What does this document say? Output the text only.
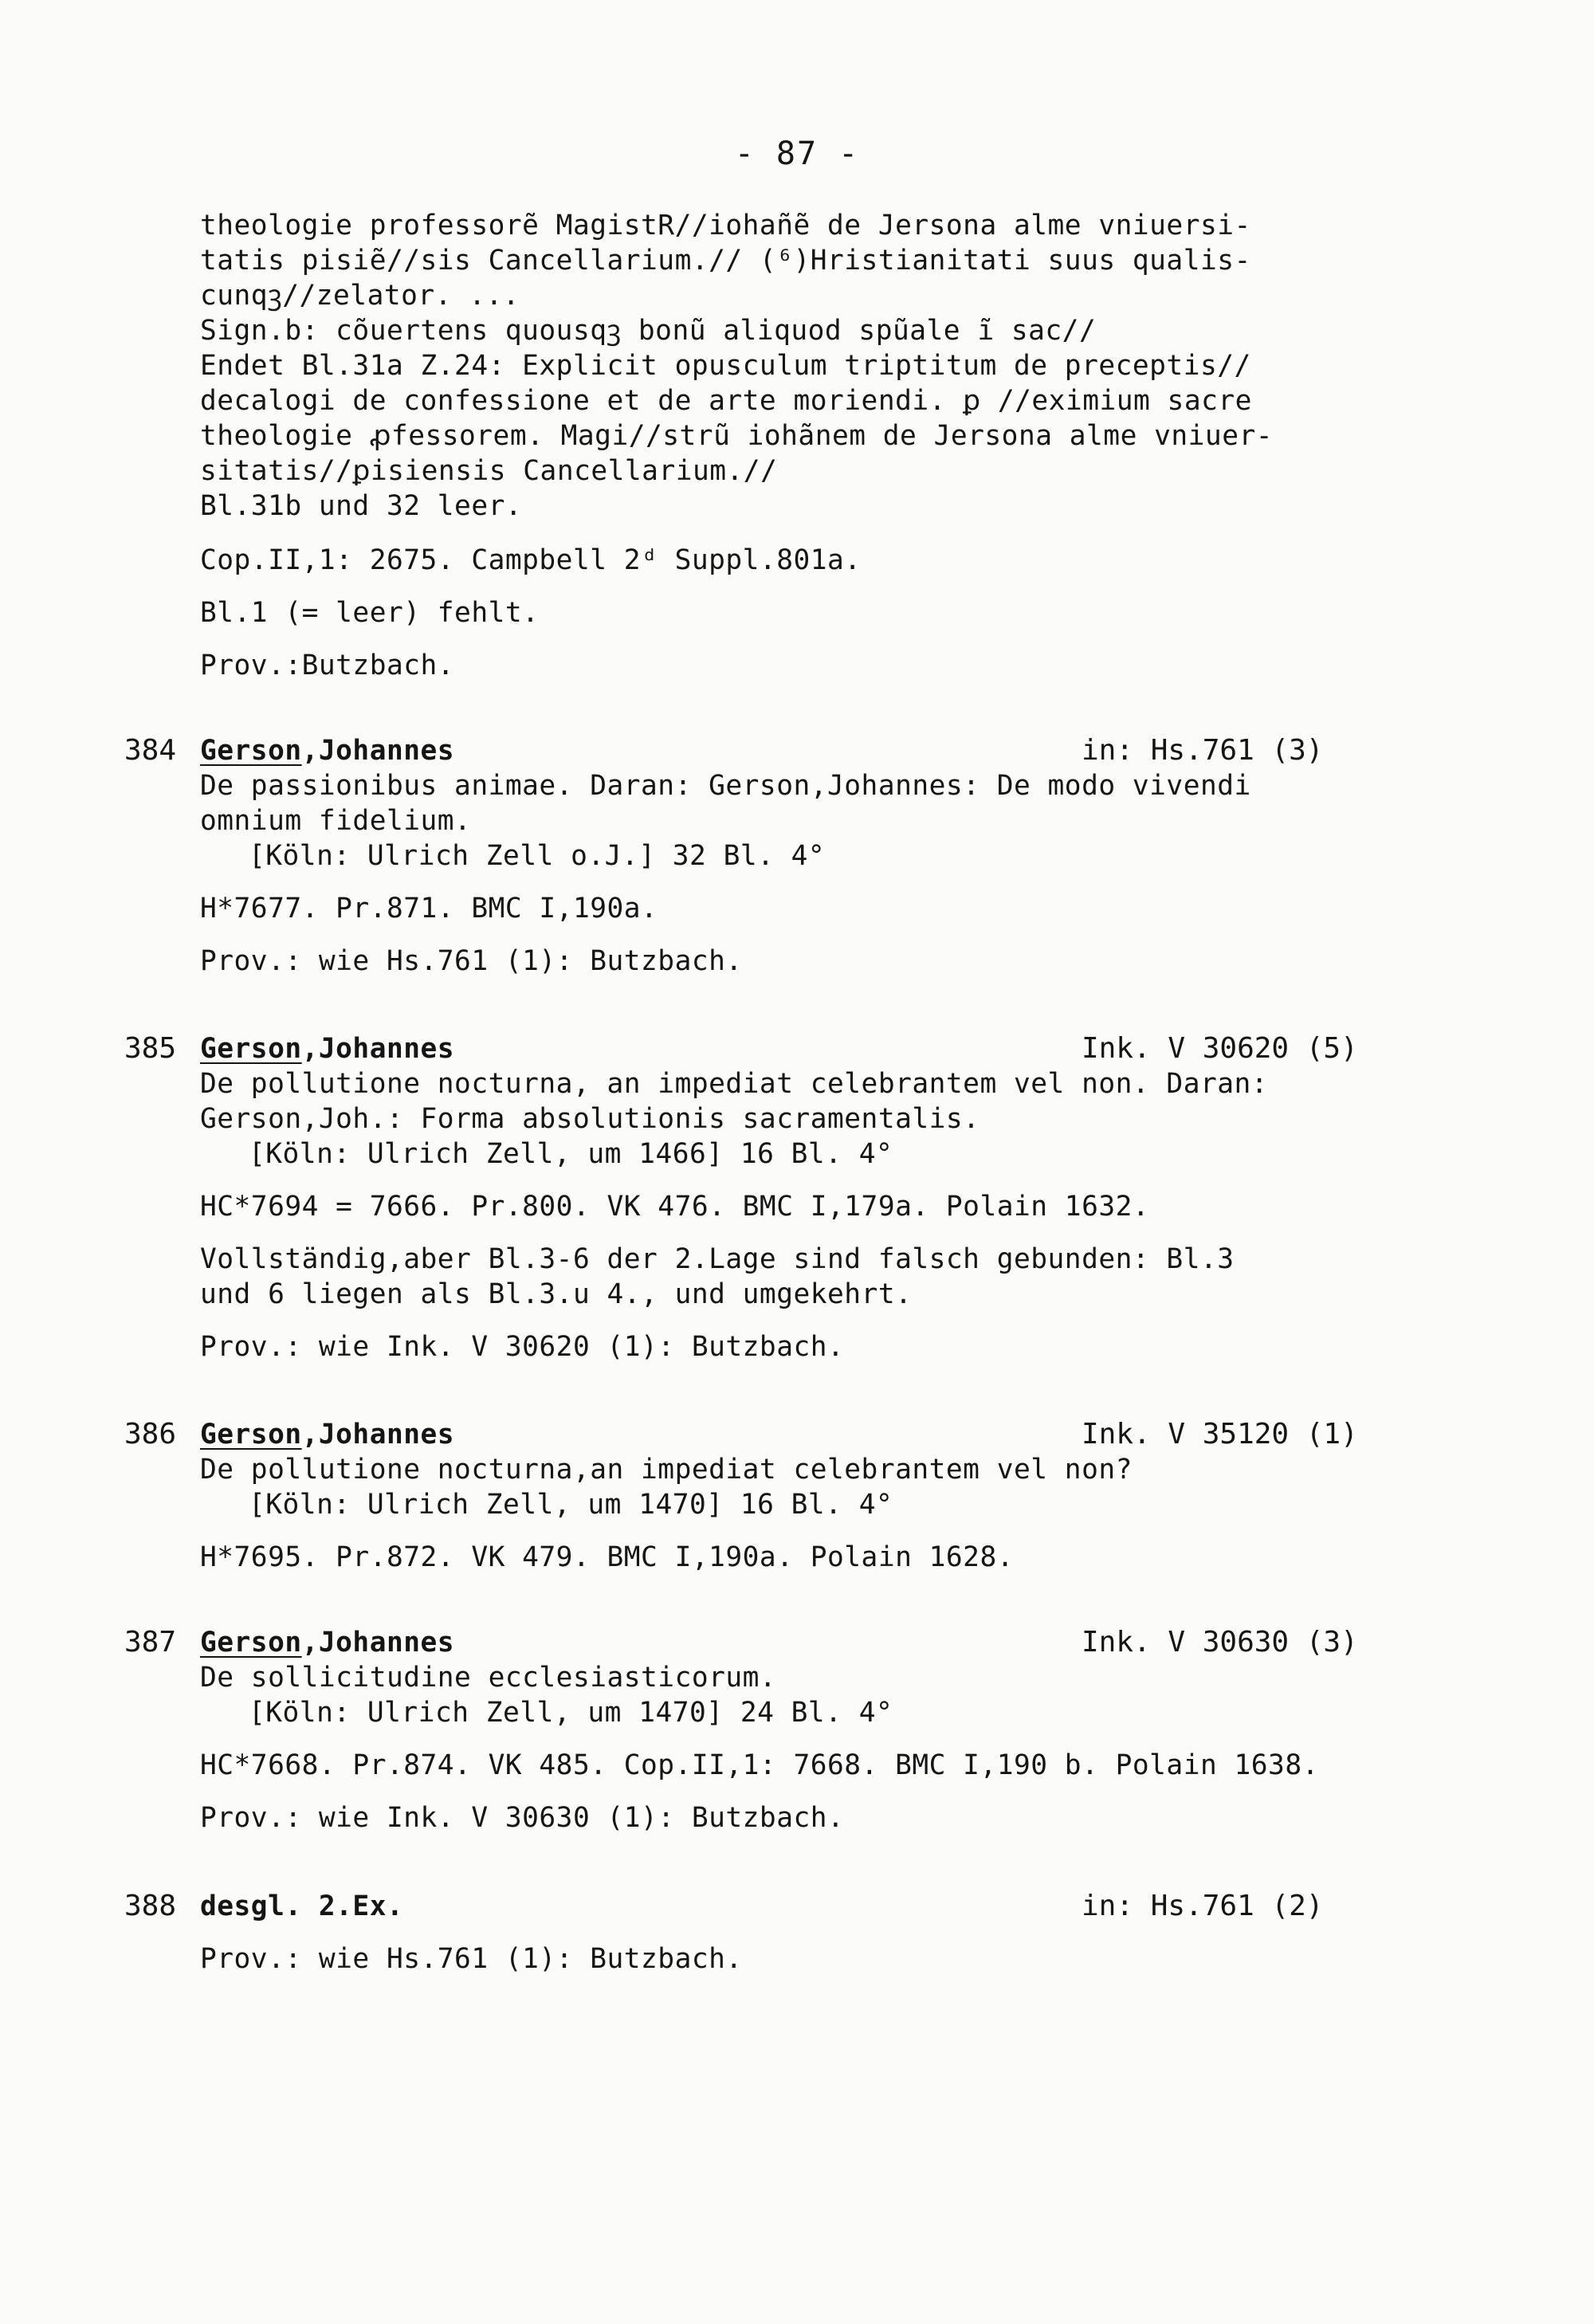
- 87 -
theologie professorẽ MagistR//iohañẽ de Jersona alme vniuersi-
tatis pisiẽ//sis Cancellarium.// (⁶)Hristianitati suus qualis-
cunqꝫ//zelator. ...
Sign.b: cõuertens quousqꝫ bonũ aliquod spũale ĩ sac//
Endet Bl.31a Z.24: Explicit opusculum triptitum de preceptis//
decalogi de confessione et de arte moriendi. ꝑ //eximium sacre
theologie ꝓfessorem. Magi//strũ iohãnem de Jersona alme vniuer-
sitatis//ꝑisiensis Cancellarium.//
Bl.31b und 32 leer.
Cop.II,1: 2675. Campbell 2ᵈ Suppl.801a.
Bl.1 (= leer) fehlt.
Prov.:Butzbach.
384 Gerson,Johannes	in: Hs.761 (3)
De passionibus animae. Daran: Gerson,Johannes: De modo vivendi
omnium fidelium.
[Köln: Ulrich Zell o.J.] 32 Bl. 4°
H*7677. Pr.871. BMC I,190a.
Prov.: wie Hs.761 (1): Butzbach.
385 Gerson,Johannes	Ink. V 30620 (5)
De pollutione nocturna, an impediat celebrantem vel non. Daran:
Gerson,Joh.: Forma absolutionis sacramentalis.
[Köln: Ulrich Zell, um 1466] 16 Bl. 4°
HC*7694 = 7666. Pr.800. VK 476. BMC I,179a. Polain 1632.
Vollständig,aber Bl.3-6 der 2.Lage sind falsch gebunden: Bl.3
und 6 liegen als Bl.3.u 4., und umgekehrt.
Prov.: wie Ink. V 30620 (1): Butzbach.
386 Gerson,Johannes	Ink. V 35120 (1)
De pollutione nocturna,an impediat celebrantem vel non?
[Köln: Ulrich Zell, um 1470] 16 Bl. 4°
H*7695. Pr.872. VK 479. BMC I,190a. Polain 1628.
387 Gerson,Johannes	Ink. V 30630 (3)
De sollicitudine ecclesiasticorum.
[Köln: Ulrich Zell, um 1470] 24 Bl. 4°
HC*7668. Pr.874. VK 485. Cop.II,1: 7668. BMC I,190 b. Polain 1638.
Prov.: wie Ink. V 30630 (1): Butzbach.
388 desgl. 2.Ex.	in: Hs.761 (2)
Prov.: wie Hs.761 (1): Butzbach.
